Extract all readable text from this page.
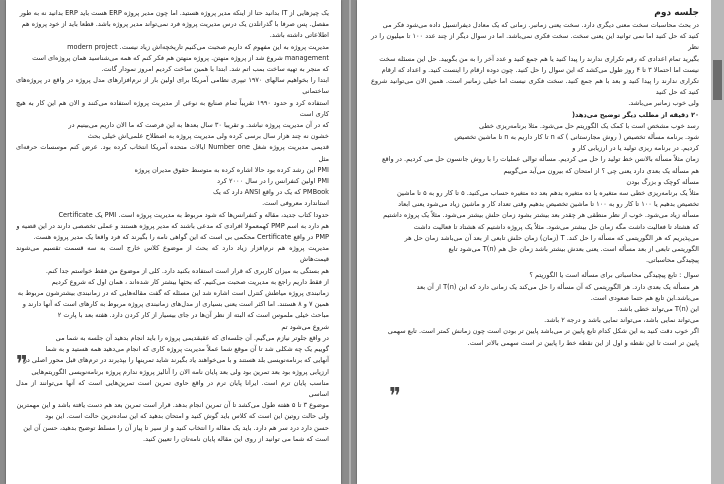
یک چیزهایی از IT بدانید حتا از اینکه مدیر پروژه هستید. اما چون مدیر پروژه ERP هست باید ERP بدانید نه به طور

مفصل. پس صرفا با گذرانلدن یک درس مدیریت پروژه فرد نمی‌تواند مدیر پروژه باشد. قطعا باید از خود پروژه هم

اطلاعاتی داشته باشد.

مدیریت پروژه به این مفهوم که داریم صحبت می‌کنیم تاریخچه‌اش زیاد نیست. modern project

management شروع شد از پروژه منهتن. پروژه منهتن هم فکر کنم که همه می‌شناسید همان پروژه‌ای است

که منجر به تهیه ساخت بمب اتم شد. ابتدا با همین ساخت کردیم امروز نمودار گانت.

ابتدا را بخواهیم سالهای ۱۹۷۰ تیپری نظامی آمریکا برای اولین بار از نرم‌افزارهای مدل پروژه در واقع در پروژه‌های ساختمانی

استفاده کرد و حدود ۱۹۹۰ تقریباً تمام صنایع به نوعی از مدیریت پروژه استفاده می‌کنند و الان هم این کار به هیچ کاری است

که در آن مدیریت پروژه نباشد. و تقریبا ۳۰ سال بعدها به این فرصت که ما الان داریم می‌بینیم در

خشون نه چند هزار سال برسی کرده ولی مدیریت پروژه به اصطلاح علمی‌اش خیلی بحث

قدیمی مدیریت پروژه شغل Number one ایالات متحده آمریکا انتخاب کرده بود. عرض کنم موسسات حرفه‌ای مثل

PMI این رشد کرده بود حالا اشاره کرده به متوسط حقوق مدیران پروژه

PMI اولین کنفرانس را در سال ۲۰۰۰ کرد

PMBook که یک در واقع ANSI دارد که یک

استاندارد معروفی است.

حدودا کتاب جدید، مقاله و کنفرانس‌ها که شود مربوط به مدیریت پروژه است. PMI یک Certificate

هم دارد به اسم PMP کهمعمولا افرادی که مدعی باشند که مدیر پروژه هستند و عملی تخصصی دارند در این قضیه و

PMP در واقع Certificate محکمی بی است که این گواهی نامه را بگیرند که فرد واقعا یک مدیر پروژه هست.

مدیریت پروژه هم نرم‌افزار زیاد دارد که بحث از موضوع کلاس خارج است به سه قسمت تقسیم می‌شوند قیمت‌هاش

هم بستگی به میزان کاربری که قرار است استفاده بکنید دارد. کلی از موضوع من فقط خواستم جدا کنم.

از فقط داریم راجع به مدیریت صحبت می‌کنیم. که بحثها بیشتر کار شده‌اند ، همان اول که شروع کردیم

زمانبندی پروژه میاطش کنترل است اشاره شد این مسئله که گفت مقاله‌هایی که در زمانبندی بیشترشون مربوط به

همین ۷ و ۸ هستند. اما اکثر است یعنی بسیاری از مدل‌های زمانبندی پروژه مربوط به کارهای است که آنها دارند و

مباحث خیلی ملموس است که البته از نظر آن‌ها در جای بیسیار از کار کردن دارد. هفته بعد با پارت ۲

شروع می‌شود تم

در واقع جلوتر نیازم می‌گیم. آن جلسه‌ای که عقبقدیمی پروژه را باید انجام بدهید آن جلسه به شما می

گوییم یک چه شکلی شد تا آن موقع شما عملاً مدیریت پروژه کاری که انجام می‌دهید همه هستید و به شما

آنهایی که برنامه‌نویسی بلد هستند و با می‌خواهند یاد بگیرند شاید تمرینها را بپذیرند در ترم‌های قبل محور اصلی در

ارزیابی پروژه بود بعد تمرین بود ولی بعد پایان نامه الان را آنالیز پروژه ندارم پروژه برنامه‌نویسی الگوریتم‌هایی

مناسب پایان ترم است. ایرانا پایان ترم در واقع حاوی تمرین است تمرین‌هایی است که آنها می‌توانند از مدل اساسی

موضوع ۳ تا ۵ هفته طول می‌کشد تا آن تمرین انجام بدهد. قرار است تمرین بعد هم دست یافته باشد و این مهمترین

ولی حالت روتین این است که کلاس باید گوش کنید و امتحان بدهید که این ساده‌ترین حالت است. این بود

حسن دارد درد سر هم دارد. باید یک مقاله را انتخاب کنید و از سیر تا پیاز آن را مسلط توضیح بدهید، حسن آن این

است که شما می توانید از روی این مقاله پایان نامه‌تان را تعیین کنید.

❞

جلسه دوم

در بحث محاسبات سخت معنی دیگری دارد. سخت یعنی زمانبر. زمانی که یک معادل دیفرانسیل داده می‌شود فکر می

کنید که حل کنید اما نمی توانید این یعنی سخت. سخت فکری نمی‌باشد. اما در سوال دیگر از چند عدد ۱۰۰ تا میلیون را در نظر

بگیرید تمام اعدادی که رقم تکراری ندارند را پیدا کنید یا هم جمع کنید و عدد آخر را به من بگویید. حل این مسئله سخت

نیست اما احتمالا ۳ تا ۴ روز طول می‌کشد که این سوال را حل کنید. چون دوده ارقام را اینست کنید. و اعداد که ارقام

تکراری ندارند را پیدا کنید و بعد با هم جمع کنید. سخت فکری نیست اما خیلی زمانبر است. همین الان می‌توانید شروع کنید که حل کنید

ولی خوب زمانبر می‌باشد.

۲۰ دقیقه از مطلب دیگر توضیح می‌دهد(

رسد خوب مشخص است با کمک یک الگوریتم حل می‌شود. مثلا برنامه‌ریزی خطی

شود. برنامه مسأله تخصیص ( روش مجارستانی ) که n تا کار داریم به n تا ماشین تخصیص

کردیم. در برنامه ریزی تولید یا در ارزیابی کار و

زمان مثلاً مسأله بالانس خط تولید را حل می کردیم. مسأله توالی عملیات را با روش جانسون حل می کردیم. در واقع

هم مسأله یک بعدی دارد یعنی چی ؟ از امتحان که بیرون می‌آید می‌گوییم

مسأله کوچک و بزرگ بودن

مثلاً یک برنامه‌ریزی خطی سه متغیره یا ده متغیره بدهم بعد ده متغیره حساب می‌کنید. ۵ تا کار رو به ۵ تا ماشین

تخصیص بدهیم یا ۱۰۰ تا کار رو به ۱۰۰ تا ماشین تخصیص بدهیم وقتی تعداد کار و ماشین زیاد می‌شود یعنی ابعاد

مسأله زیاد می‌شود. خوب از نظر منطقی هر چقدر بعد بیشتر بشود زمان حلش بیشتر می‌شود. مثلاً یک پروژه داشتیم

که هشتاد تا فعالیت داشت مگه زمان حل بیشتر می‌شود. مثلاً یک پروژه داشتیم که هشتاد تا فعالیت داشت

می‌پذیریم که هر الگوریتمی که مسأله را حل کند. T (زمان) زمان حلش تابعی از بعد آن می‌باشد زمان حل هر

الگوریتمی تابعی از بعد مسأله است. یعنی بعدش بیشتر باشد زمان حل هم (n)T می‌شود تابع

پیچیدگی محاسباتی.

سوال : تابع پیچیدگی محاسباتی برای مسأله است یا الگوریتم ؟

هر مسأله یک بعدی دارد. هر الگوریتمی که آن مسأله را حل می‌کند یک زمانی دارد که این (n)T از آن بعد

می‌باشد.این تابع هم حتما صعودی است.

این (n)T می‌تواند خطی باشد.

می‌تواند نمایی باشد، می‌تواند نمایی باشد و درجه ۲ باشد.

اگر خوب دقت کنید به این شکل کدام تابع پایین تر می‌باشد پایین تر بودن است چون زمانش کمتر است. تابع سهمی

پایین تر است تا این نقطه و اول از این نقطه خط را پایین تر است سهمی بالاتر است.

❞
